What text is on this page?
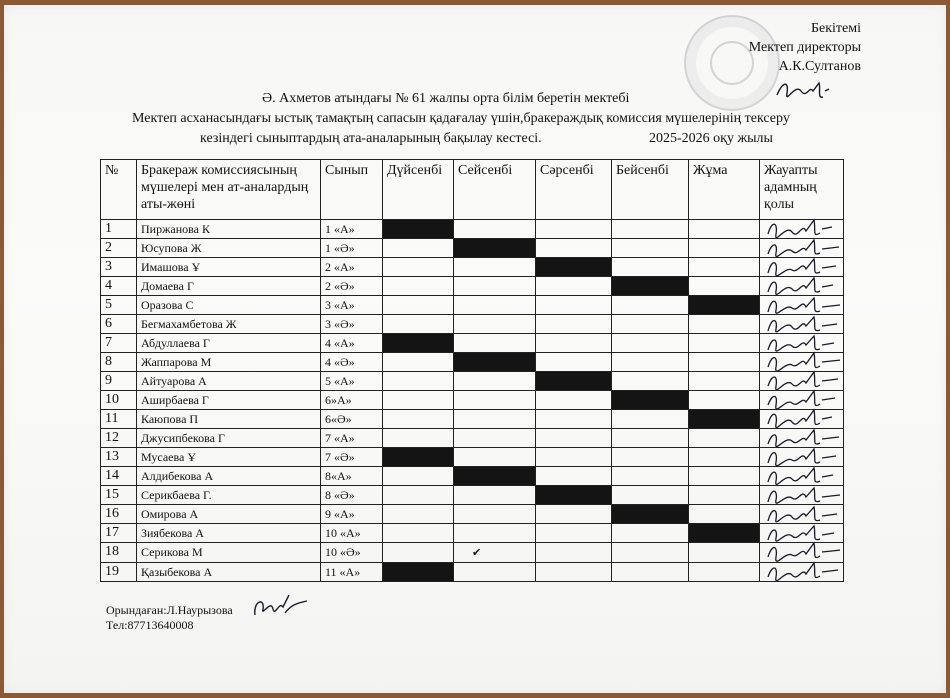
Бекітемі
Мектеп директоры
А.К.Султанов
Ә. Ахметов атындағы № 61 жалпы орта білім беретін мектебі
Мектеп асханасындағы ыстық тамақтың сапасын қадағалау үшін,бракераждық комиссия мүшелерінің тексеру
кезіндегі сыныптардың ата-аналарының бақылау кестесі.	2025-2026 оқу жылы
№	Бракераж комиссиясының мүшелері мен ат-аналардың аты-жөні	Сынып	Дүйсенбі	Сейсенбі	Сәрсенбі	Бейсенбі	Жұма	Жауапты адамның қолы
1	Пиржанова К	1 «А»						

2	Юсупова Ж	1 «Ә»						

3	Имашова Ұ	2 «А»						

4	Домаева Г	2 «Ә»						

5	Оразова С	3 «А»						

6	Бегмахамбетова Ж	3 «Ә»						

7	Абдуллаева Г	4 «А»						

8	Жаппарова М	4 «Ә»						

9	Айтуарова А	5 «А»						

10	Аширбаева Г	6»А»						

11	Каюпова П	6«Ә»						

12	Джусипбекова Г	7 «А»						

13	Мусаева Ұ	7 «Ә»						

14	Алдибекова А	8«А»						

15	Серикбаева Г.	8 «Ә»						

16	Омирова А	9 «А»						

17	Зиябекова А	10 «А»						

18	Серикова М	10 «Ә»		✔				

19	Қазыбекова А	11 «А»						
Орындаған:Л.Наурызова
Тел:87713640008
